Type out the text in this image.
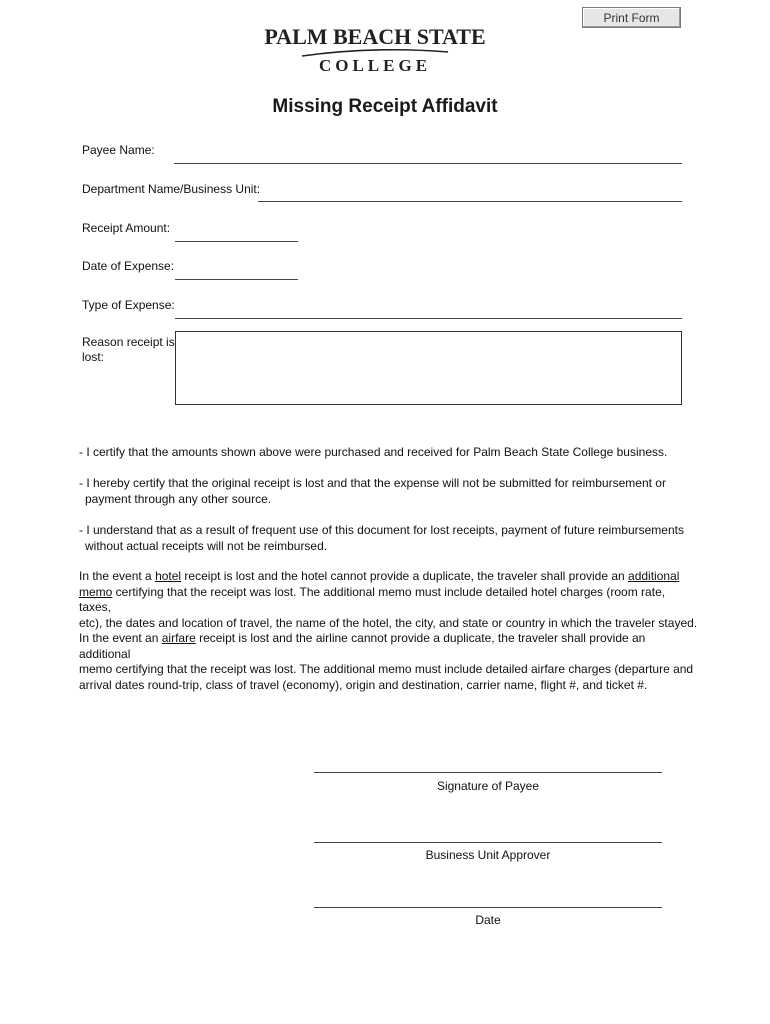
Print Form
PALM BEACH STATE
COLLEGE
Missing Receipt Affidavit
Payee Name:
Department Name/Business Unit:
Receipt Amount:
Date of Expense:
Type of Expense:
Reason receipt is
lost:
- I certify that the amounts shown above were purchased and received for Palm Beach State College business.
- I hereby certify that the original receipt is lost and that the expense will not be submitted for reimbursement or
payment through any other source.
- I understand that as a result of frequent use of this document for lost receipts, payment of future reimbursements
without actual receipts will not be reimbursed.
In the event a hotel receipt is lost and the hotel cannot provide a duplicate, the traveler shall provide an additional
memo certifying that the receipt was lost. The additional memo must include detailed hotel charges (room rate, taxes,
etc), the dates and location of travel, the name of the hotel, the city, and state or country in which the traveler stayed.
In the event an airfare receipt is lost and the airline cannot provide a duplicate, the traveler shall provide an additional
memo certifying that the receipt was lost. The additional memo must include detailed airfare charges (departure and
arrival dates round-trip, class of travel (economy), origin and destination, carrier name, flight #, and ticket #.
Signature of Payee
Business Unit Approver
Date
